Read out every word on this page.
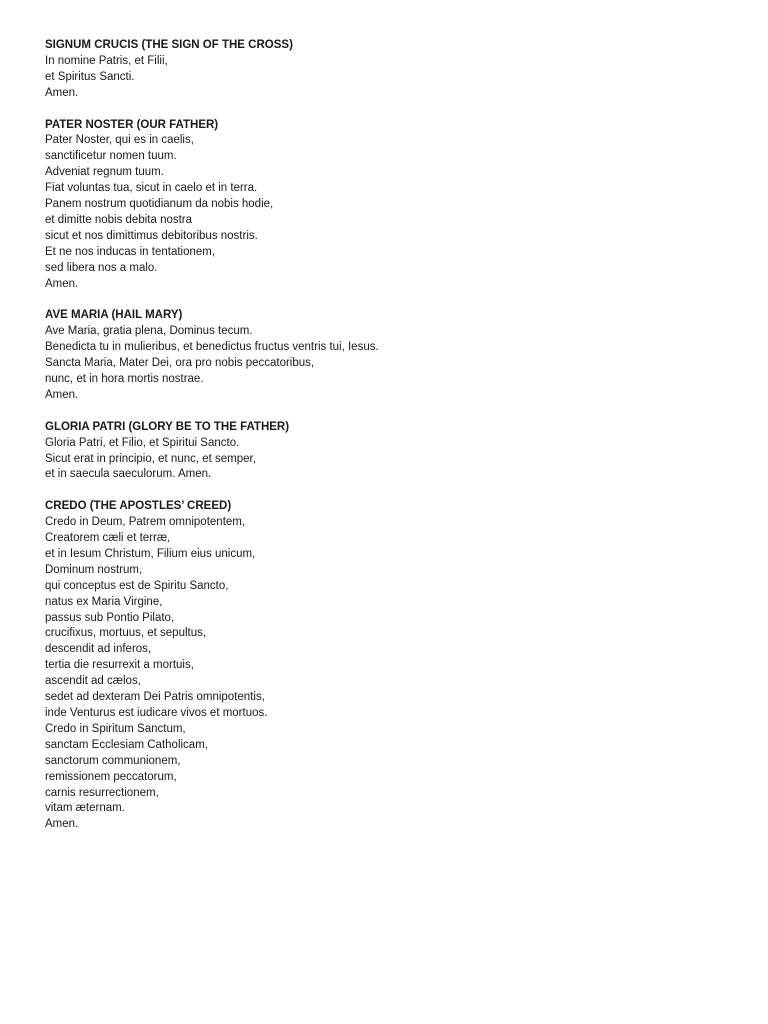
SIGNUM CRUCIS (THE SIGN OF THE CROSS)
In nomine Patris, et Filii,
et Spiritus Sancti.
Amen.
PATER NOSTER (OUR FATHER)
Pater Noster, qui es in caelis,
sanctificetur nomen tuum.
Adveniat regnum tuum.
Fiat voluntas tua, sicut in caelo et in terra.
Panem nostrum quotidianum da nobis hodie,
et dimitte nobis debita nostra
sicut et nos dimittimus debitoribus nostris.
Et ne nos inducas in tentationem,
sed libera nos a malo.
Amen.
AVE MARIA (HAIL MARY)
Ave Maria, gratia plena, Dominus tecum.
Benedicta tu in mulieribus, et benedictus fructus ventris tui, Iesus.
Sancta Maria, Mater Dei, ora pro nobis peccatoribus,
nunc, et in hora mortis nostrae.
Amen.
GLORIA PATRI (GLORY BE TO THE FATHER)
Gloria Patri, et Filio, et Spiritui Sancto.
Sicut erat in principio, et nunc, et semper,
et in saecula saeculorum. Amen.
CREDO (THE APOSTLES’ CREED)
Credo in Deum, Patrem omnipotentem,
Creatorem cæli et terræ,
et in Iesum Christum, Filium eius unicum,
Dominum nostrum,
qui conceptus est de Spiritu Sancto,
natus ex Maria Virgine,
passus sub Pontio Pilato,
crucifixus, mortuus, et sepultus,
descendit ad inferos,
tertia die resurrexit a mortuis,
ascendit ad cælos,
sedet ad dexteram Dei Patris omnipotentis,
inde Venturus est iudicare vivos et mortuos.
Credo in Spiritum Sanctum,
sanctam Ecclesiam Catholicam,
sanctorum communionem,
remissionem peccatorum,
carnis resurrectionem,
vitam æternam.
Amen.
